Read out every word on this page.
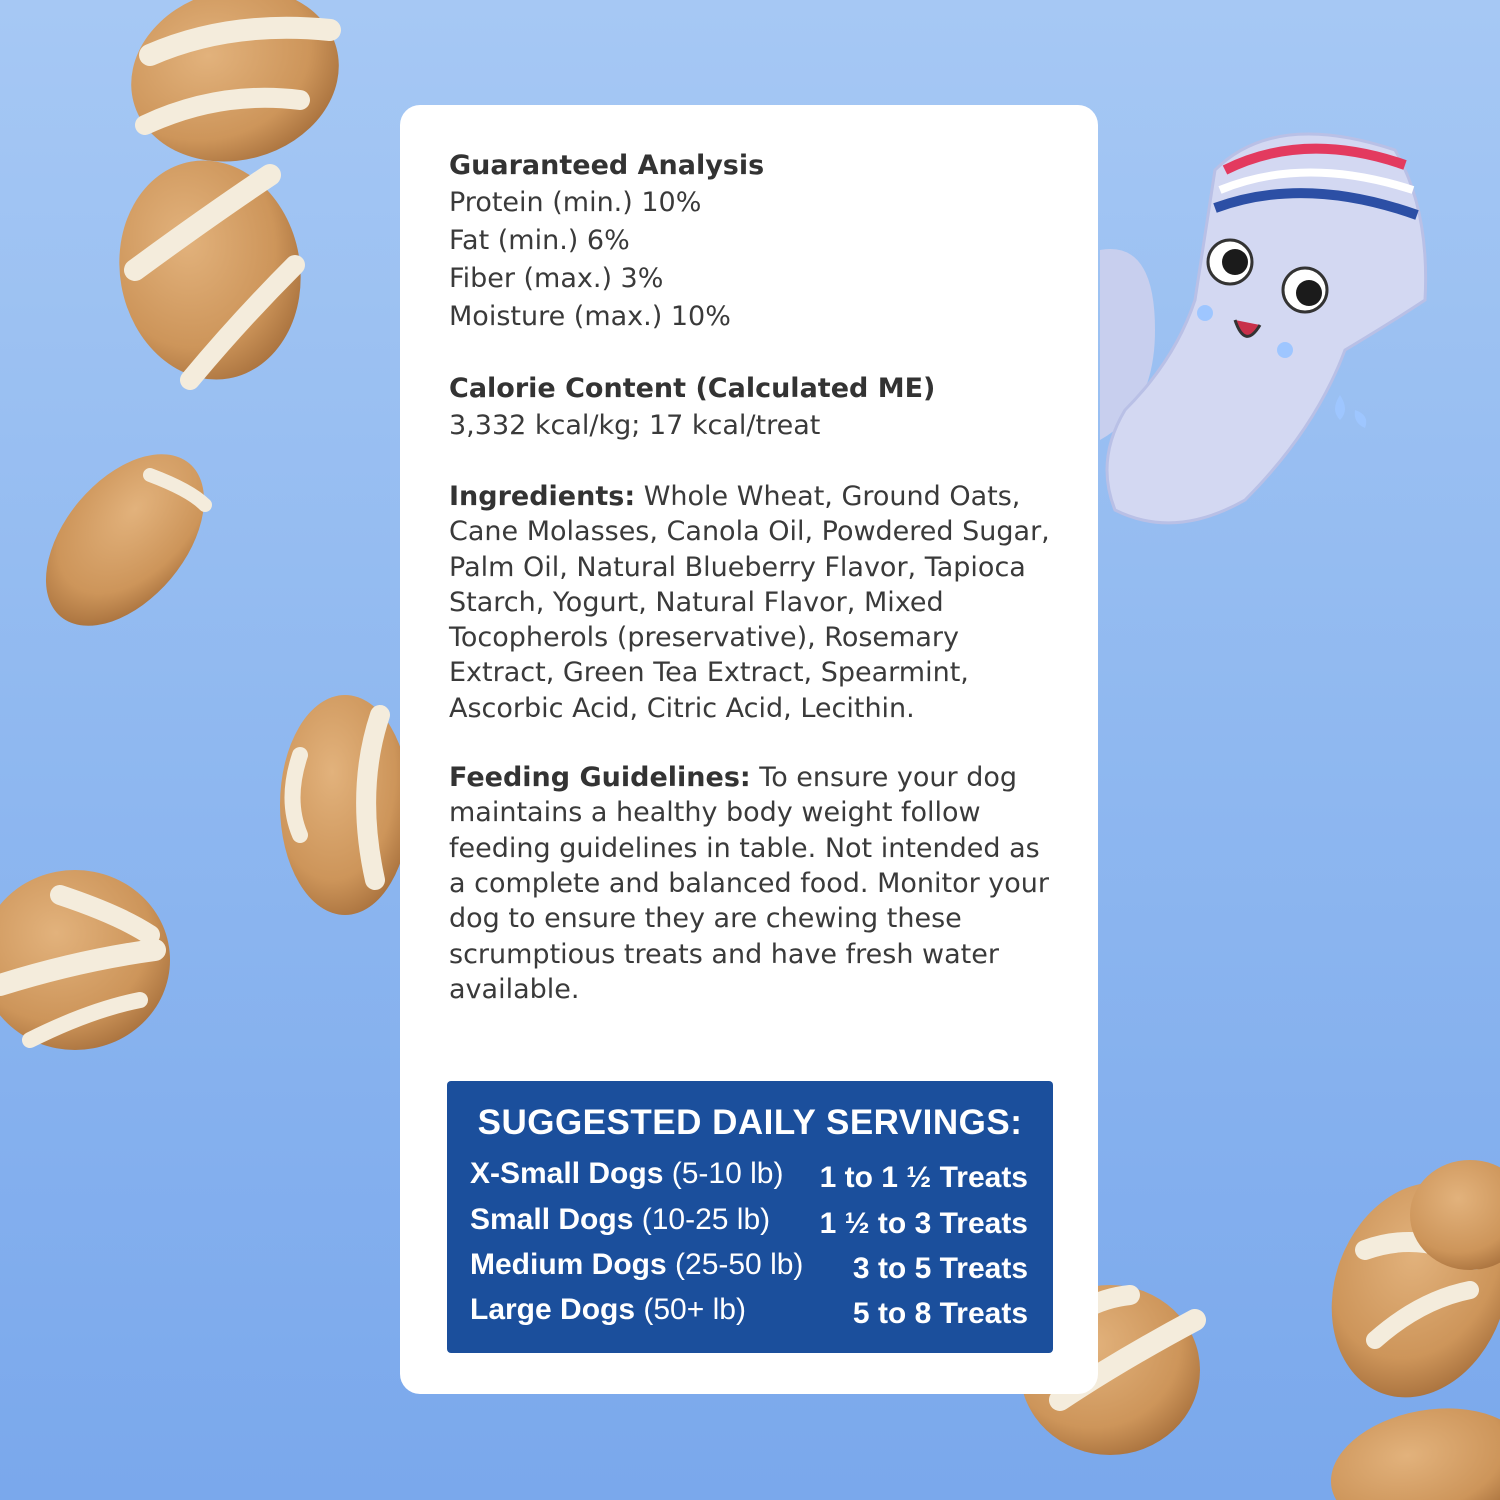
Guaranteed Analysis
Protein (min.) 10%
Fat (min.) 6%
Fiber (max.) 3%
Moisture (max.) 10%
Calorie Content (Calculated ME)
3,332 kcal/kg; 17 kcal/treat
Ingredients: Whole Wheat, Ground Oats, Cane Molasses, Canola Oil, Powdered Sugar, Palm Oil, Natural Blueberry Flavor, Tapioca Starch, Yogurt, Natural Flavor, Mixed Tocopherols (preservative), Rosemary Extract, Green Tea Extract, Spearmint, Ascorbic Acid, Citric Acid, Lecithin.
Feeding Guidelines: To ensure your dog maintains a healthy body weight follow feeding guidelines in table. Not intended as a complete and balanced food. Monitor your dog to ensure they are chewing these scrumptious treats and have fresh water available.
SUGGESTED DAILY SERVINGS:
X-Small Dogs (5-10 lb) 1 to 1 ½ Treats
Small Dogs (10-25 lb) 1 ½ to 3 Treats
Medium Dogs (25-50 lb) 3 to 5 Treats
Large Dogs (50+ lb)	5 to 8 Treats
